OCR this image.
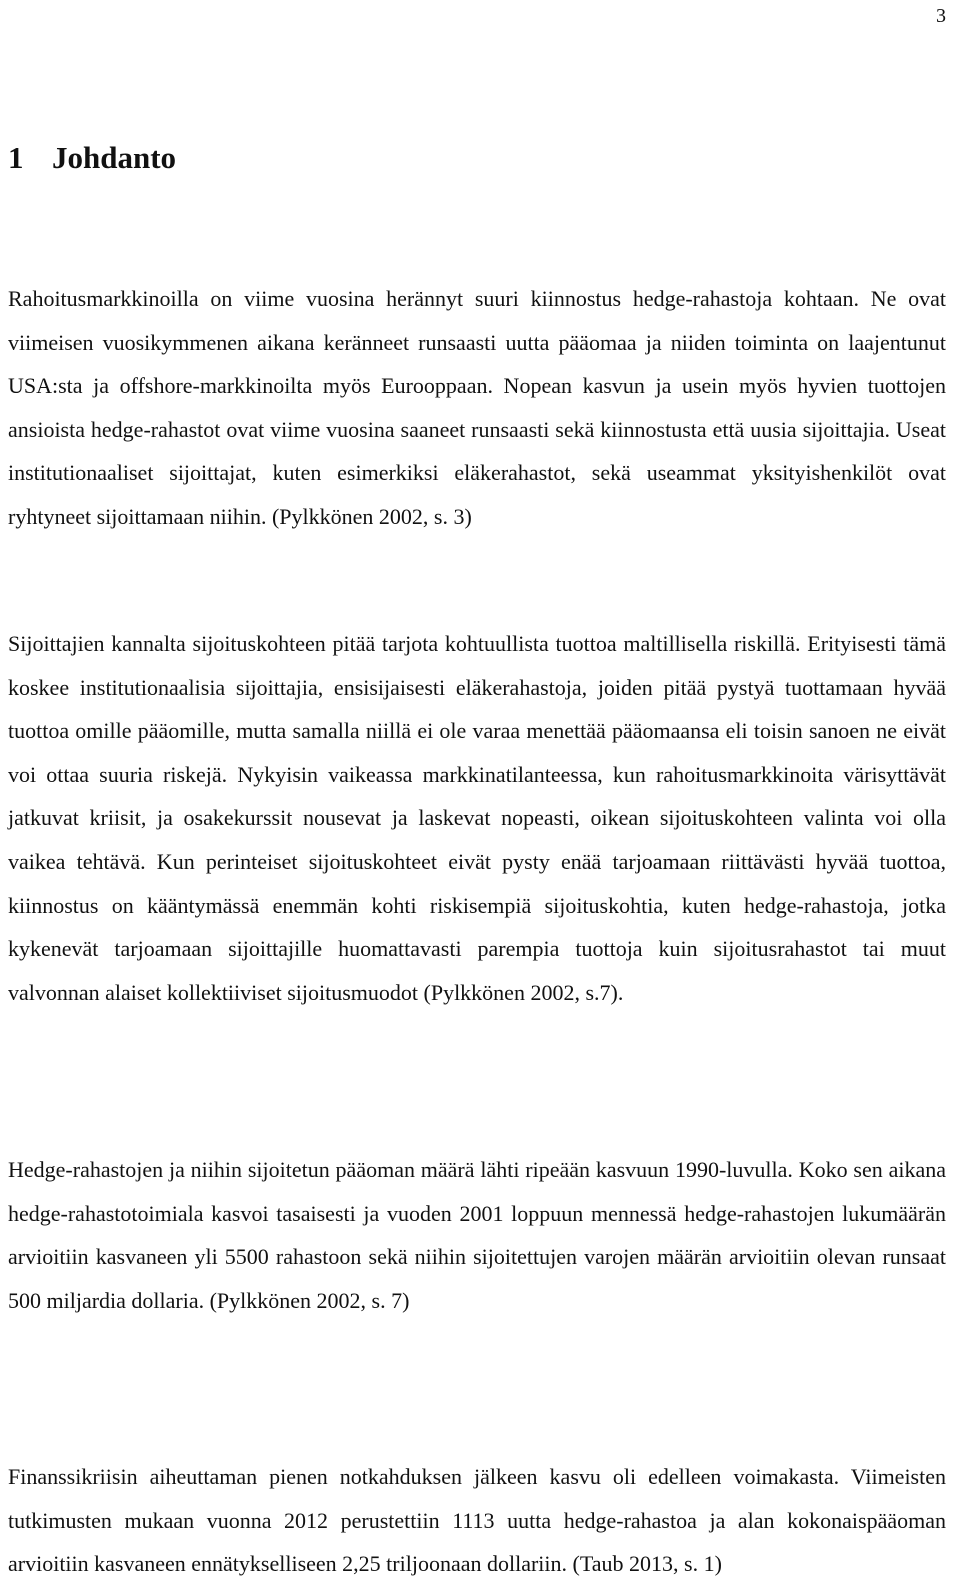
3
1 Johdanto

Rahoitusmarkkinoilla on viime vuosina herännyt suuri kiinnostus hedge-rahastoja kohtaan. Ne ovat viimeisen vuosikymmenen aikana keränneet runsaasti uutta pääomaa ja niiden toiminta on laajentunut USA:sta ja offshore-markkinoilta myös Eurooppaan. Nopean kasvun ja usein myös hyvien tuottojen ansioista hedge-rahastot ovat viime vuosina saaneet runsaasti sekä kiinnostusta että uusia sijoittajia. Useat institutionaaliset sijoittajat, kuten esimerkiksi eläkerahastot, sekä useammat yksityishenkilöt ovat ryhtyneet sijoittamaan niihin. (Pylkkönen 2002, s. 3)

Sijoittajien kannalta sijoituskohteen pitää tarjota kohtuullista tuottoa maltillisella riskillä. Erityisesti tämä koskee institutionaalisia sijoittajia, ensisijaisesti eläkerahastoja, joiden pitää pystyä tuottamaan hyvää tuottoa omille pääomille, mutta samalla niillä ei ole varaa menettää pääomaansa eli toisin sanoen ne eivät voi ottaa suuria riskejä. Nykyisin vaikeassa markkinatilanteessa, kun rahoitusmarkkinoita värisyttävät jatkuvat kriisit, ja osakekurssit nousevat ja laskevat nopeasti, oikean sijoituskohteen valinta voi olla vaikea tehtävä. Kun perinteiset sijoituskohteet eivät pysty enää tarjoamaan riittävästi hyvää tuottoa, kiinnostus on kääntymässä enemmän kohti riskisempiä sijoituskohtia, kuten hedge-rahastoja, jotka kykenevät tarjoamaan sijoittajille huomattavasti parempia tuottoja kuin sijoitusrahastot tai muut valvonnan alaiset kollektiiviset sijoitusmuodot (Pylkkönen 2002, s.7).

Hedge-rahastojen ja niihin sijoitetun pääoman määrä lähti ripeään kasvuun 1990-luvulla. Koko sen aikana hedge-rahastotoimiala kasvoi tasaisesti ja vuoden 2001 loppuun mennessä hedge-rahastojen lukumäärän arvioitiin kasvaneen yli 5500 rahastoon sekä niihin sijoitettujen varojen määrän arvioitiin olevan runsaat 500 miljardia dollaria. (Pylkkönen 2002, s. 7)

Finanssikriisin aiheuttaman pienen notkahduksen jälkeen kasvu oli edelleen voimakasta. Viimeisten tutkimusten mukaan vuonna 2012 perustettiin 1113 uutta hedge-rahastoa ja alan kokonaispääoman arvioitiin kasvaneen ennätykselliseen 2,25 triljoonaan dollariin. (Taub 2013, s. 1)
